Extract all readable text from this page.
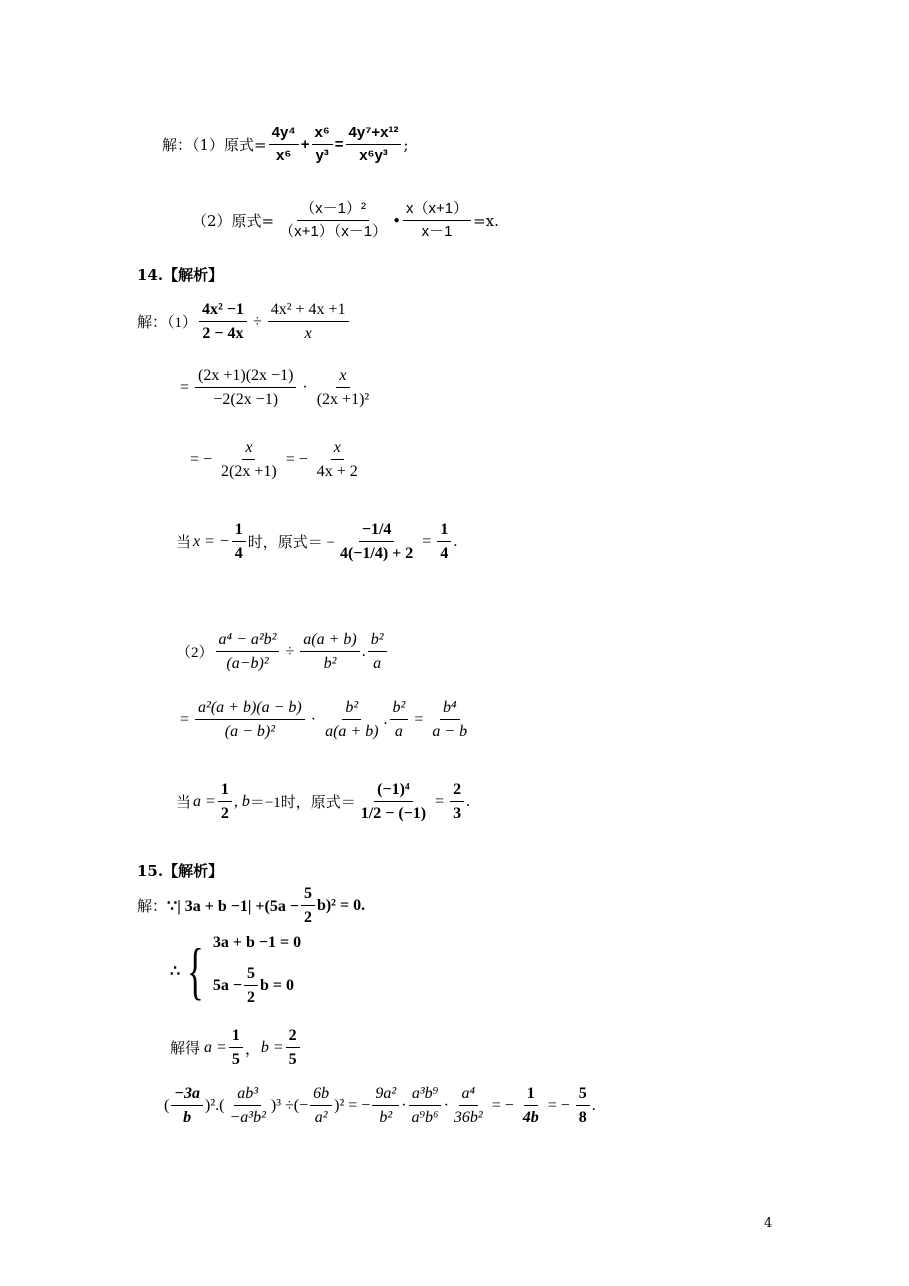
解：（1）原式= $\frac{\text{4y⁴}}{\text{x⁶}} + \frac{\text{x⁶}}{\text{y³}} = \frac{\text{4y⁷+x¹²}}{\text{x⁶y³}}$ ;
（2）原式= $\frac{\text{（x－1）²}}{(x+1)(x-1)}$ • $\frac{x(x+1)}{x-1} =x$.
14.【解析】
解：$(1) \frac{\text{4x² −1}}{2 - 4x} \div \frac{\text{4x² + 4x +1}}{x}$
= $\frac{(2x +1)(2x -1)}{-2(2x -1)} \cdot \frac{x}{\text{(2x +1)²}}$
= − $\frac{x}{2(2x +1)}$ = − $\frac{x}{4x + 2}$
当 x = − $\frac{1}{4}$ 时，原式＝ − $\frac{-1/4}{4(-1/4) + 2} = \frac{1}{4}$ .
$(2) \frac{\text{a⁴ − a²b²}}{\text{(a−b)²}} \div \frac{a(a + b)}{\text{b²}}$ . $\frac{\text{b²}}{a}$
= $\frac{\text{a²(a + b)(a − b)}}{\text{(a − b)²}} \cdot \frac{\text{b²}}{a(a + b)}$ . $\frac{\text{b²}}{a} = \frac{\text{b⁴}}{a - b}$
当 $a = \frac{1}{2}$ , b ＝−1时，原式＝ $\frac{\text{(−1)⁴}}{1/2 - (-1)} = \frac{2}{3}$ .
15.【解析】
解： ∵| $3a + b -1| +(5a - \frac{5}{2} b)^2 = 0$.
∴ { 3a + b −1 = 0
$5a - \frac{5}{2}$ b = 0
解得 $a = \frac{1}{5}$ ， $b = \frac{2}{5}$
( $\frac{-3a}{b} )^2.( \frac{\text{ab³}}{\text{−a³b²}} )^3$ ÷(− $\frac{6b}{\text{a²}} )^2$ = − $\frac{\text{9a²}}{\text{b²}} \cdot \frac{\text{a³b⁹}}{\text{a⁹b⁶}} \cdot \frac{\text{a⁴}}{\text{36b²}}$ = − $\frac{1}{4b}$ = − $\frac{5}{8}$ .
4
